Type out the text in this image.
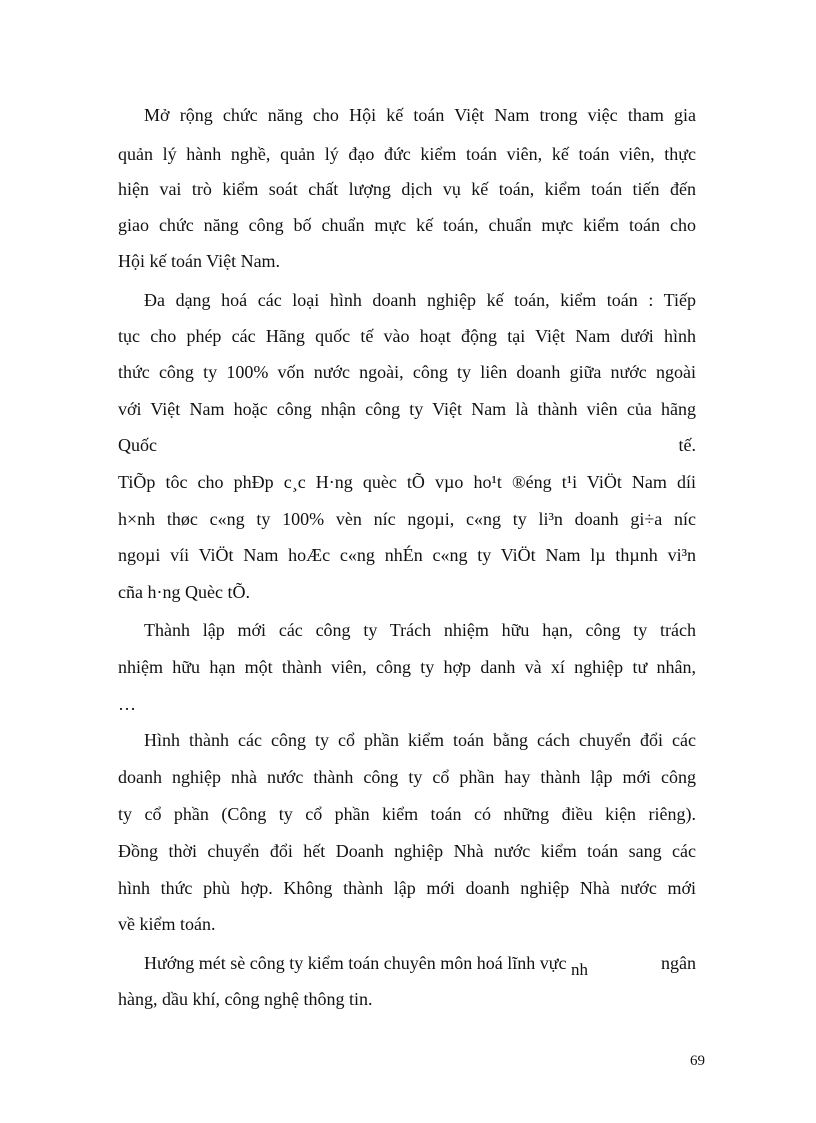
Mở rộng chức năng cho Hội kế toán Việt Nam trong việc tham gia
quản lý hành nghề, quản lý đạo đức kiểm toán viên, kế toán viên, thực
hiện vai trò kiểm soát chất lượng dịch vụ kế toán, kiểm toán tiến đến
giao chức năng công bố chuẩn mực kế toán, chuẩn mực kiểm toán cho
Hội kế toán Việt Nam.
Đa dạng hoá các loại hình doanh nghiệp kế toán, kiểm toán : Tiếp
tục cho phép các Hãng quốc tế vào hoạt động tại Việt Nam dưới hình
thức công ty 100% vốn nước ngoài, công ty liên doanh giữa nước ngoài
với Việt Nam hoặc công nhận công ty Việt Nam là thành viên của hãng
Quốc	tế.
TiÕp tôc cho phÐp c¸c H·ng quèc tÕ vµo ho¹t ®éng t¹i ViÖt Nam díi
h×nh thøc c«ng ty 100% vèn níc ngoµi, c«ng ty li³n doanh gi÷a níc
ngoµi víi ViÖt Nam hoÆc c«ng nhÉn c«ng ty ViÖt Nam lµ thµnh vi³n
cña h·ng Quèc tÕ.
Thành lập mới các công ty Trách nhiệm hữu hạn, công ty trách
nhiệm hữu hạn một thành viên, công ty hợp danh và xí nghiệp tư nhân,
…
Hình thành các công ty cổ phần kiểm toán bằng cách chuyển đổi các
doanh nghiệp nhà nước thành công ty cổ phần hay thành lập mới công
ty cổ phần (Công ty cổ phần kiểm toán có những điều kiện riêng).
Đồng thời chuyển đổi hết Doanh nghiệp Nhà nước kiểm toán sang các
hình thức phù hợp. Không thành lập mới doanh nghiệp Nhà nước mới
về kiểm toán.
Hướng mét sè công ty kiểm toán chuyên môn hoá lĩnh vực nh	ngân
hàng, dầu khí, công nghệ thông tin.
69
